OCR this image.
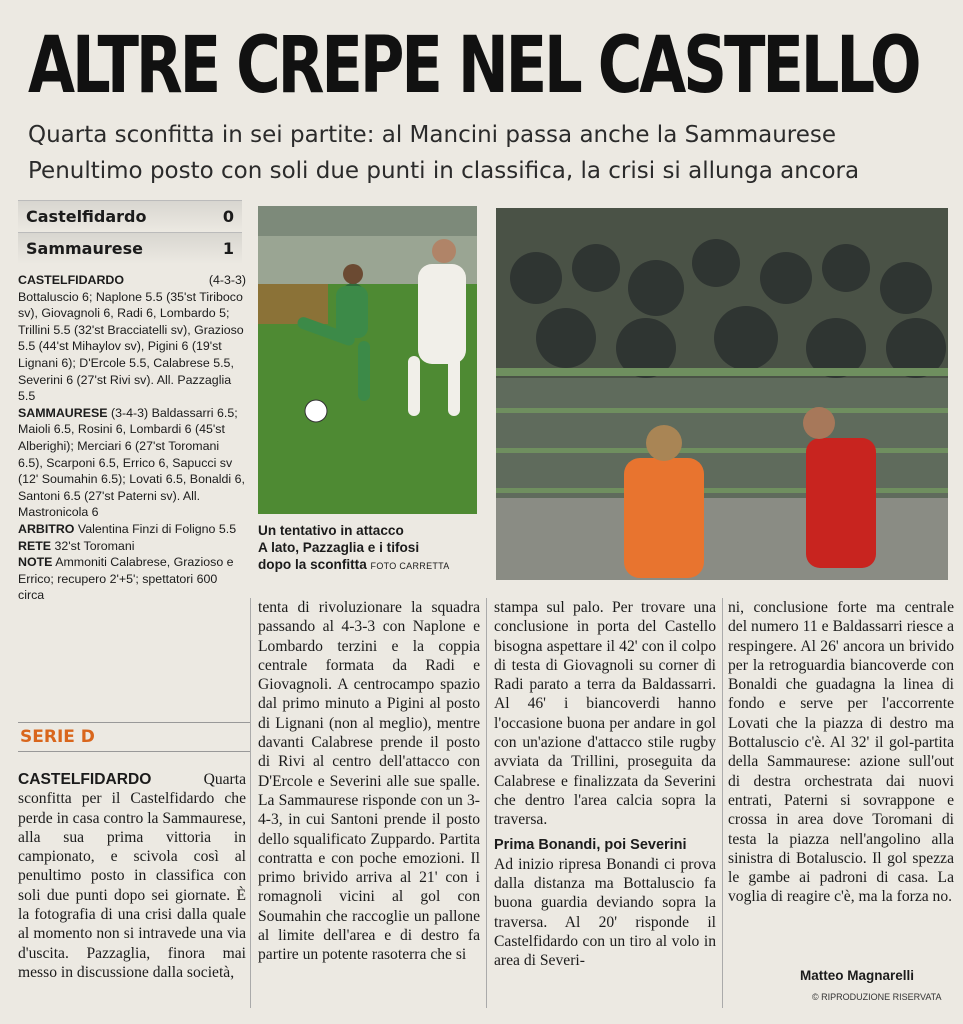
ALTRE CREPE NEL CASTELLO
Quarta sconfitta in sei partite: al Mancini passa anche la Sammaurese
Penultimo posto con soli due punti in classifica, la crisi si allunga ancora
Castelfidardo	0
Sammaurese	1

CASTELFIDARDO	(4-3-3)

Bottaluscio 6; Naplone 5.5 (35'st Tiriboco sv), Giovagnoli 6, Radi 6, Lombardo 5; Trillini 5.5 (32'st Bracciatelli sv), Grazioso 5.5 (44'st Mihaylov sv), Pigini 6 (19'st Lignani 6); D'Ercole 5.5, Calabrese 5.5, Severini 6 (27'st Rivi sv). All. Pazzaglia 5.5

SAMMAURESE (3-4-3) Baldassarri 6.5; Maioli 6.5, Rosini 6, Lombardi 6 (45'st Alberighi); Merciari 6 (27'st Toromani 6.5), Scarponi 6.5, Errico 6, Sapucci sv (12' Soumahin 6.5); Lovati 6.5, Bonaldi 6, Santoni 6.5 (27'st Paterni sv). All. Mastronicola 6

ARBITRO Valentina Finzi di Foligno 5.5

RETE 32'st Toromani

NOTE Ammoniti Calabrese, Grazioso e Errico; recupero 2'+5'; spettatori 600 circa

SERIE D

CASTELFIDARDO	Quarta sconfitta per il Castelfidardo che perde in casa contro la Sammaurese, alla sua prima vittoria in campionato, e scivola così al penultimo posto in classifica con soli due punti dopo sei giornate. È la fotografia di una crisi dalla quale al momento non si intravede una via d'uscita. Pazzaglia, finora mai messo in discussione dalla società,

Un tentativo in attacco
A lato, Pazzaglia e i tifosi
dopo la sconfitta FOTO CARRETTA

tenta di rivoluzionare la squadra passando al 4-3-3 con Naplone e Lombardo terzini e la coppia centrale formata da Radi e Giovagnoli. A centrocampo spazio dal primo minuto a Pigini al posto di Lignani (non al meglio), mentre davanti Calabrese prende il posto di Rivi al centro dell'attacco con D'Ercole e Severini alle sue spalle. La Sammaurese risponde con un 3-4-3, in cui Santoni prende il posto dello squalificato Zuppardo. Partita contratta e con poche emozioni. Il primo brivido arriva al 21' con i romagnoli vicini al gol con Soumahin che raccoglie un pallone al limite dell'area e di destro fa partire un potente rasoterra che si

stampa sul palo. Per trovare una conclusione in porta del Castello bisogna aspettare il 42' con il colpo di testa di Giovagnoli su corner di Radi parato a terra da Baldassarri. Al 46' i biancoverdi hanno l'occasione buona per andare in gol con un'azione d'attacco stile rugby avviata da Trillini, proseguita da Calabrese e finalizzata da Severini che dentro l'area calcia sopra la traversa.

Prima Bonandi, poi Severini

Ad inizio ripresa Bonandi ci prova dalla distanza ma Bottaluscio fa buona guardia deviando sopra la traversa. Al 20' risponde il Castelfidardo con un tiro al volo in area di Severi-

ni, conclusione forte ma centrale del numero 11 e Baldassarri riesce a respingere. Al 26' ancora un brivido per la retroguardia biancoverde con Bonaldi che guadagna la linea di fondo e serve per l'accorrente Lovati che la piazza di destro ma Bottaluscio c'è. Al 32' il gol-partita della Sammaurese: azione sull'out di destra orchestrata dai nuovi entrati, Paterni si sovrappone e crossa in area dove Toromani di testa la piazza nell'angolino alla sinistra di Botaluscio. Il gol spezza le gambe ai padroni di casa. La voglia di reagire c'è, ma la forza no.

Matteo Magnarelli
© RIPRODUZIONE RISERVATA
